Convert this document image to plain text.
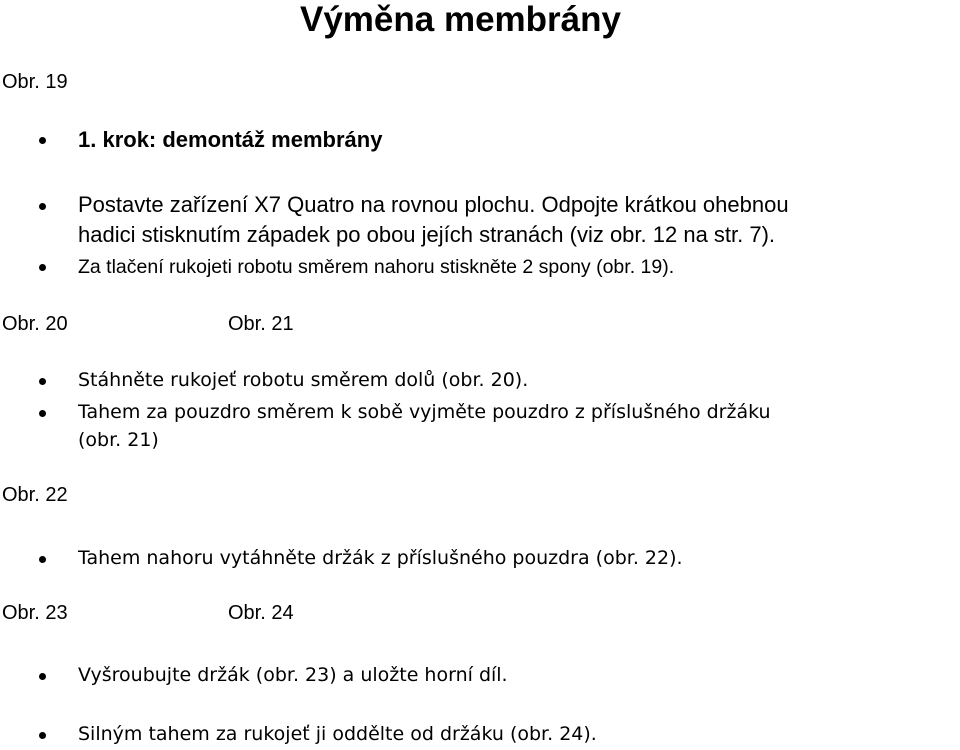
Výměna membrány
Obr. 19
1. krok: demontáž membrány
Postavte zařízení X7 Quatro na rovnou plochu. Odpojte krátkou ohebnou
hadici stisknutím západek po obou jejích stranách (viz obr. 12 na str. 7).
Za tlačení rukojeti robotu směrem nahoru stiskněte 2 spony (obr. 19).
Obr. 20	Obr. 21
Stáhněte rukojeť robotu směrem dolů (obr. 20).
Tahem za pouzdro směrem k sobě vyjměte pouzdro z příslušného držáku
(obr. 21)
Obr. 22
Tahem nahoru vytáhněte držák z příslušného pouzdra (obr. 22).
Obr. 23	Obr. 24
Vyšroubujte držák (obr. 23) a uložte horní díl.
Silným tahem za rukojeť ji oddělte od držáku (obr. 24).
